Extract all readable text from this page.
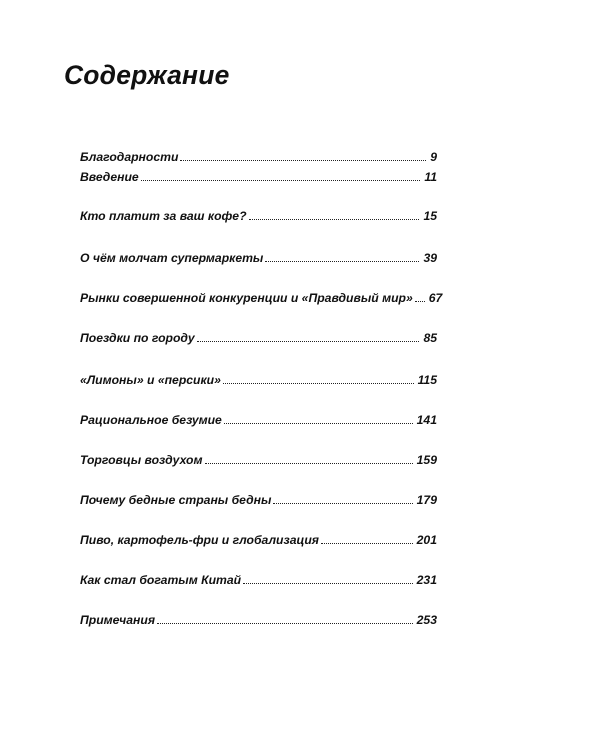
Содержание
Благодарности	9
Введение	11
Кто платит за ваш кофе?	15
О чём молчат супермаркеты	39
Рынки совершенной конкуренции и «Правдивый мир» 67
Поездки по городу	85
«Лимоны» и «персики»	115
Рациональное безумие	141
Торговцы воздухом	159
Почему бедные страны бедны	179
Пиво, картофель-фри и глобализация	201
Как стал богатым Китай	231
Примечания	253
